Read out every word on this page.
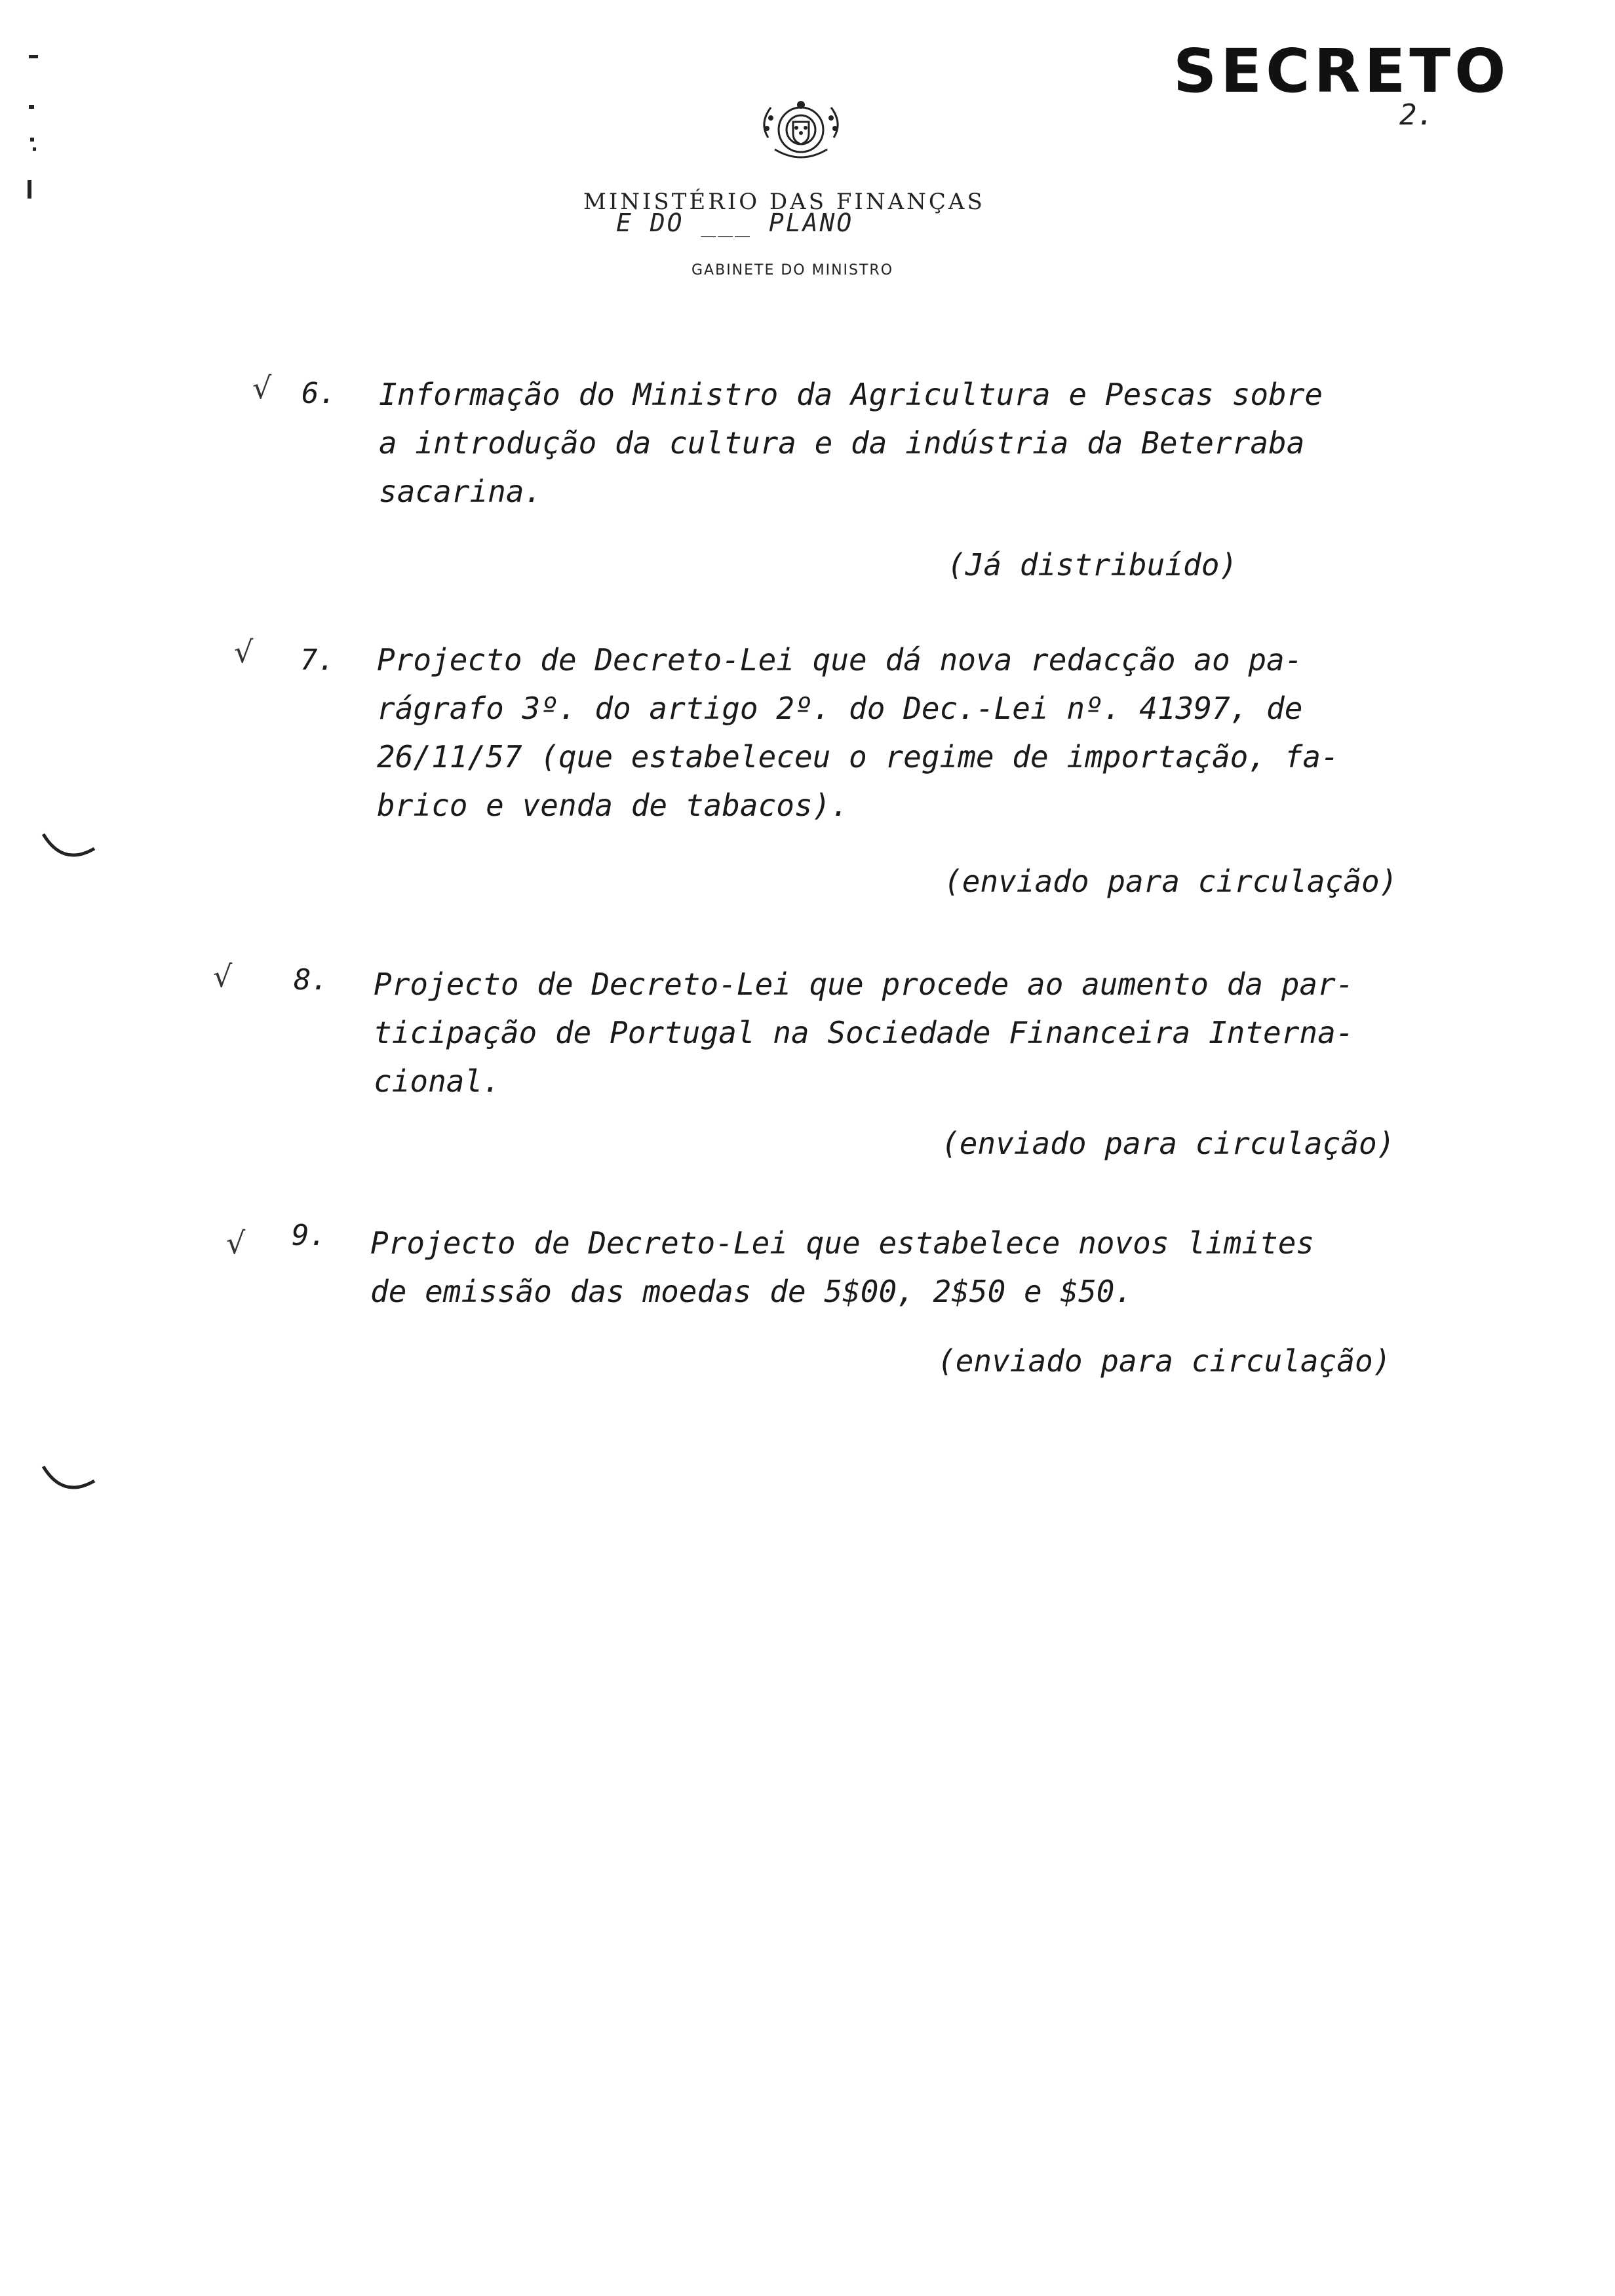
SECRETO
2.
MINISTÉRIO DAS FINANÇAS
E DO ___ PLANO
GABINETE DO MINISTRO
√ 6. Informação do Ministro da Agricultura e Pescas sobre
a introdução da cultura e da indústria da Beterraba
sacarina.
(Já distribuído)
√ 7. Projecto de Decreto-Lei que dá nova redacção ao pa-
rágrafo 3º. do artigo 2º. do Dec.-Lei nº. 41397, de
26/11/57 (que estabeleceu o regime de importação, fa-
brico e venda de tabacos).
(enviado para circulação)
√ 8. Projecto de Decreto-Lei que procede ao aumento da par-
ticipação de Portugal na Sociedade Financeira Interna-
cional.
(enviado para circulação)
√ 9. Projecto de Decreto-Lei que estabelece novos limites
de emissão das moedas de 5$00, 2$50 e $50.
(enviado para circulação)
